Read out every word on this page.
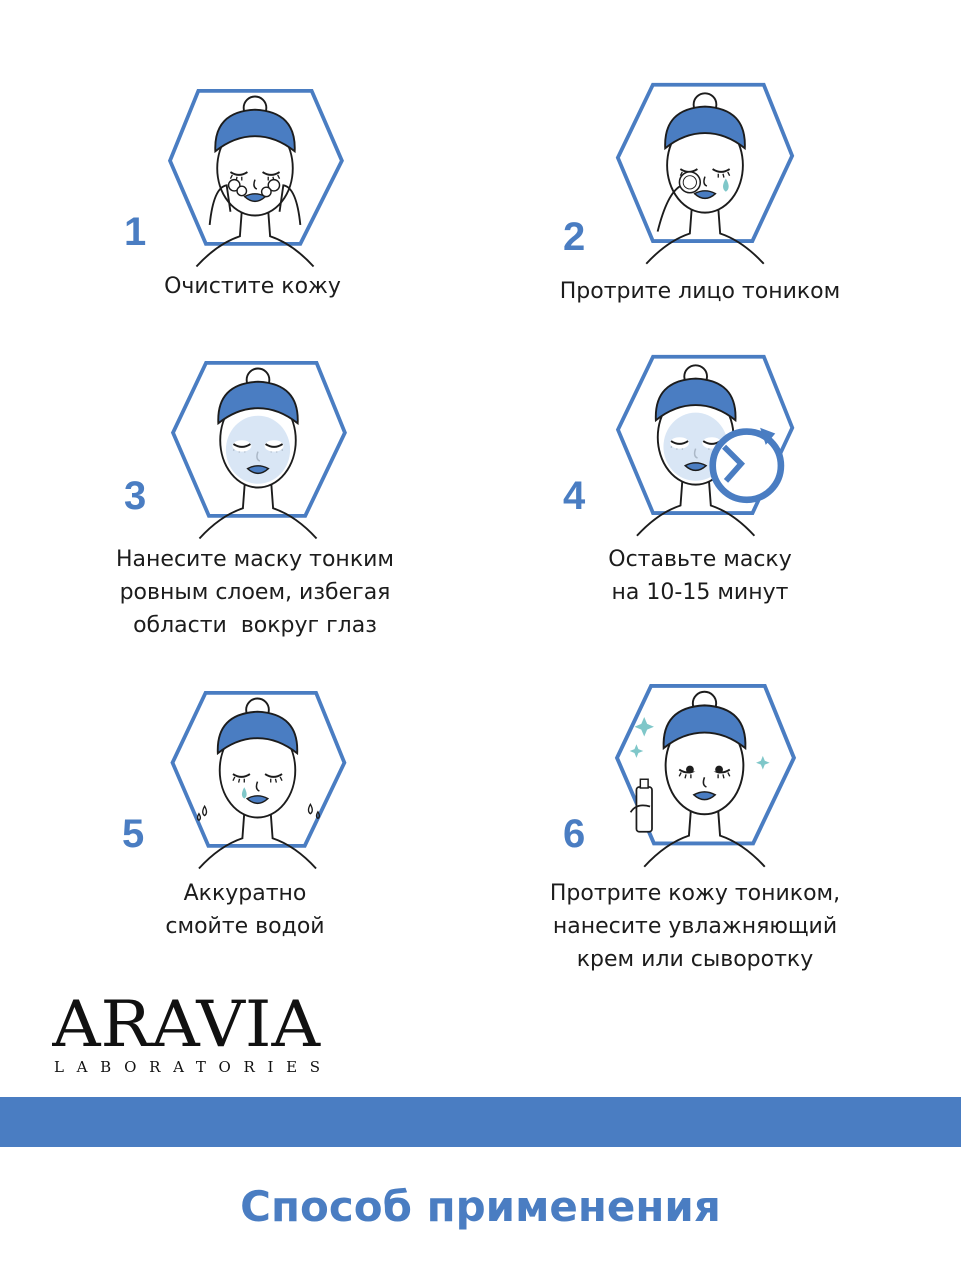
1
Очистите кожу
2
Протрите лицо тоником
3
Нанесите маску тонким
ровным слоем, избегая
области  вокруг глаз
4
Оставьте маску
на 10-15 минут
5
Аккуратно
смойте водой
6
Протрите кожу тоником,
нанесите увлажняющий
крем или сыворотку
ARAVIA
LABORATORIES
Способ применения
